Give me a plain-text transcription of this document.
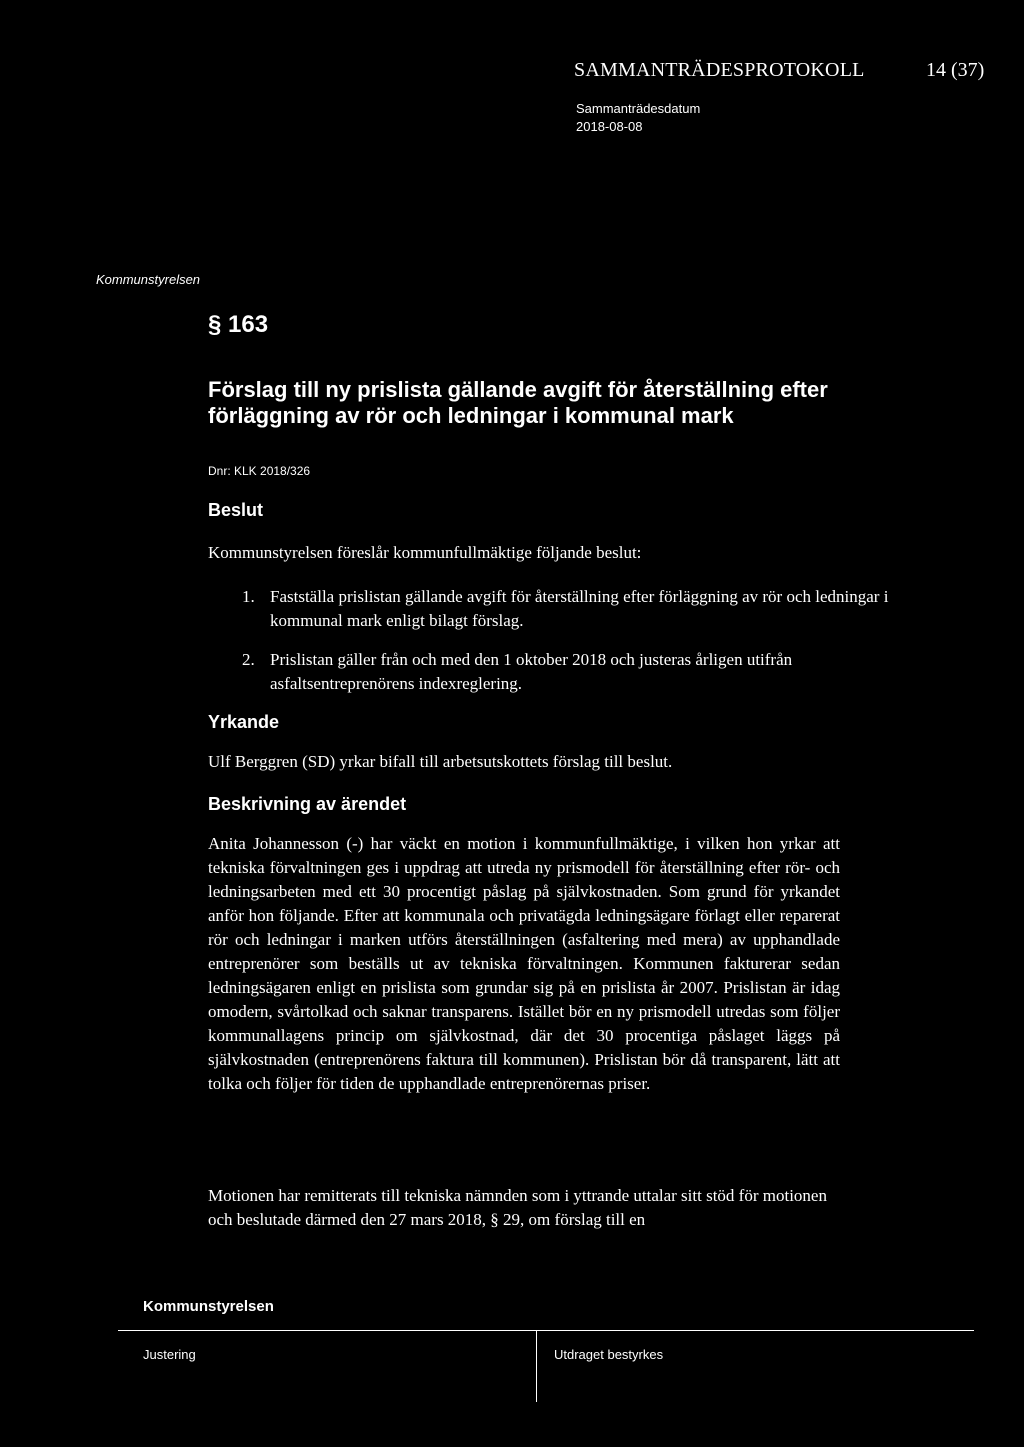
SAMMANTRÄDESPROTOKOLL	14 (37)
Sammanträdesdatum
2018-08-08
Kommunstyrelsen
§ 163
Förslag till ny prislista gällande avgift för återställning efter förläggning av rör och ledningar i kommunal mark
Dnr: KLK 2018/326
Beslut
Kommunstyrelsen föreslår kommunfullmäktige följande beslut:
1. Fastställa prislistan gällande avgift för återställning efter förläggning av rör och ledningar i kommunal mark enligt bilagt förslag.
2. Prislistan gäller från och med den 1 oktober 2018 och justeras årligen utifrån asfaltsentreprenörens indexreglering.
Yrkande
Ulf Berggren (SD) yrkar bifall till arbetsutskottets förslag till beslut.
Beskrivning av ärendet
Anita Johannesson (-) har väckt en motion i kommunfullmäktige, i vilken hon yrkar att tekniska förvaltningen ges i uppdrag att utreda ny prismodell för återställning efter rör- och ledningsarbeten med ett 30 procentigt påslag på självkostnaden. Som grund för yrkandet anför hon följande. Efter att kommunala och privatägda ledningsägare förlagt eller reparerat rör och ledningar i marken utförs återställningen (asfaltering med mera) av upphandlade entreprenörer som beställs ut av tekniska förvaltningen. Kommunen fakturerar sedan ledningsägaren enligt en prislista som grundar sig på en prislista år 2007. Prislistan är idag omodern, svårtolkad och saknar transparens. Istället bör en ny prismodell utredas som följer kommunallagens princip om självkostnad, där det 30 procentiga påslaget läggs på självkostnaden (entreprenörens faktura till kommunen). Prislistan bör då transparent, lätt att tolka och följer för tiden de upphandlade entreprenörernas priser.
Motionen har remitterats till tekniska nämnden som i yttrande uttalar sitt stöd för motionen och beslutade därmed den 27 mars 2018, § 29, om förslag till en
Kommunstyrelsen
Justering	Utdraget bestyrkes
